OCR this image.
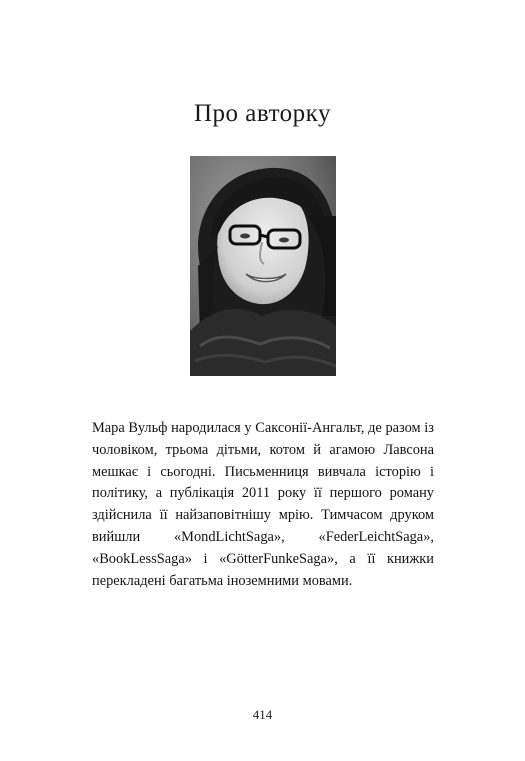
Про авторку

Мара Вульф народилася у Саксонії-Ангальт, де разом із чоловіком, трьома дітьми, котом й агамою Лавсона мешкає і сьогодні. Письменниця вивчала історію і політику, а публікація 2011 року її першого роману здійснила її найзаповітнішу мрію. Тимчасом друком вийшли «MondLichtSaga», «FederLeichtSaga», «BookLessSaga» і «GötterFunkeSaga», а її книжки перекладені багатьма іноземними мовами.

414
